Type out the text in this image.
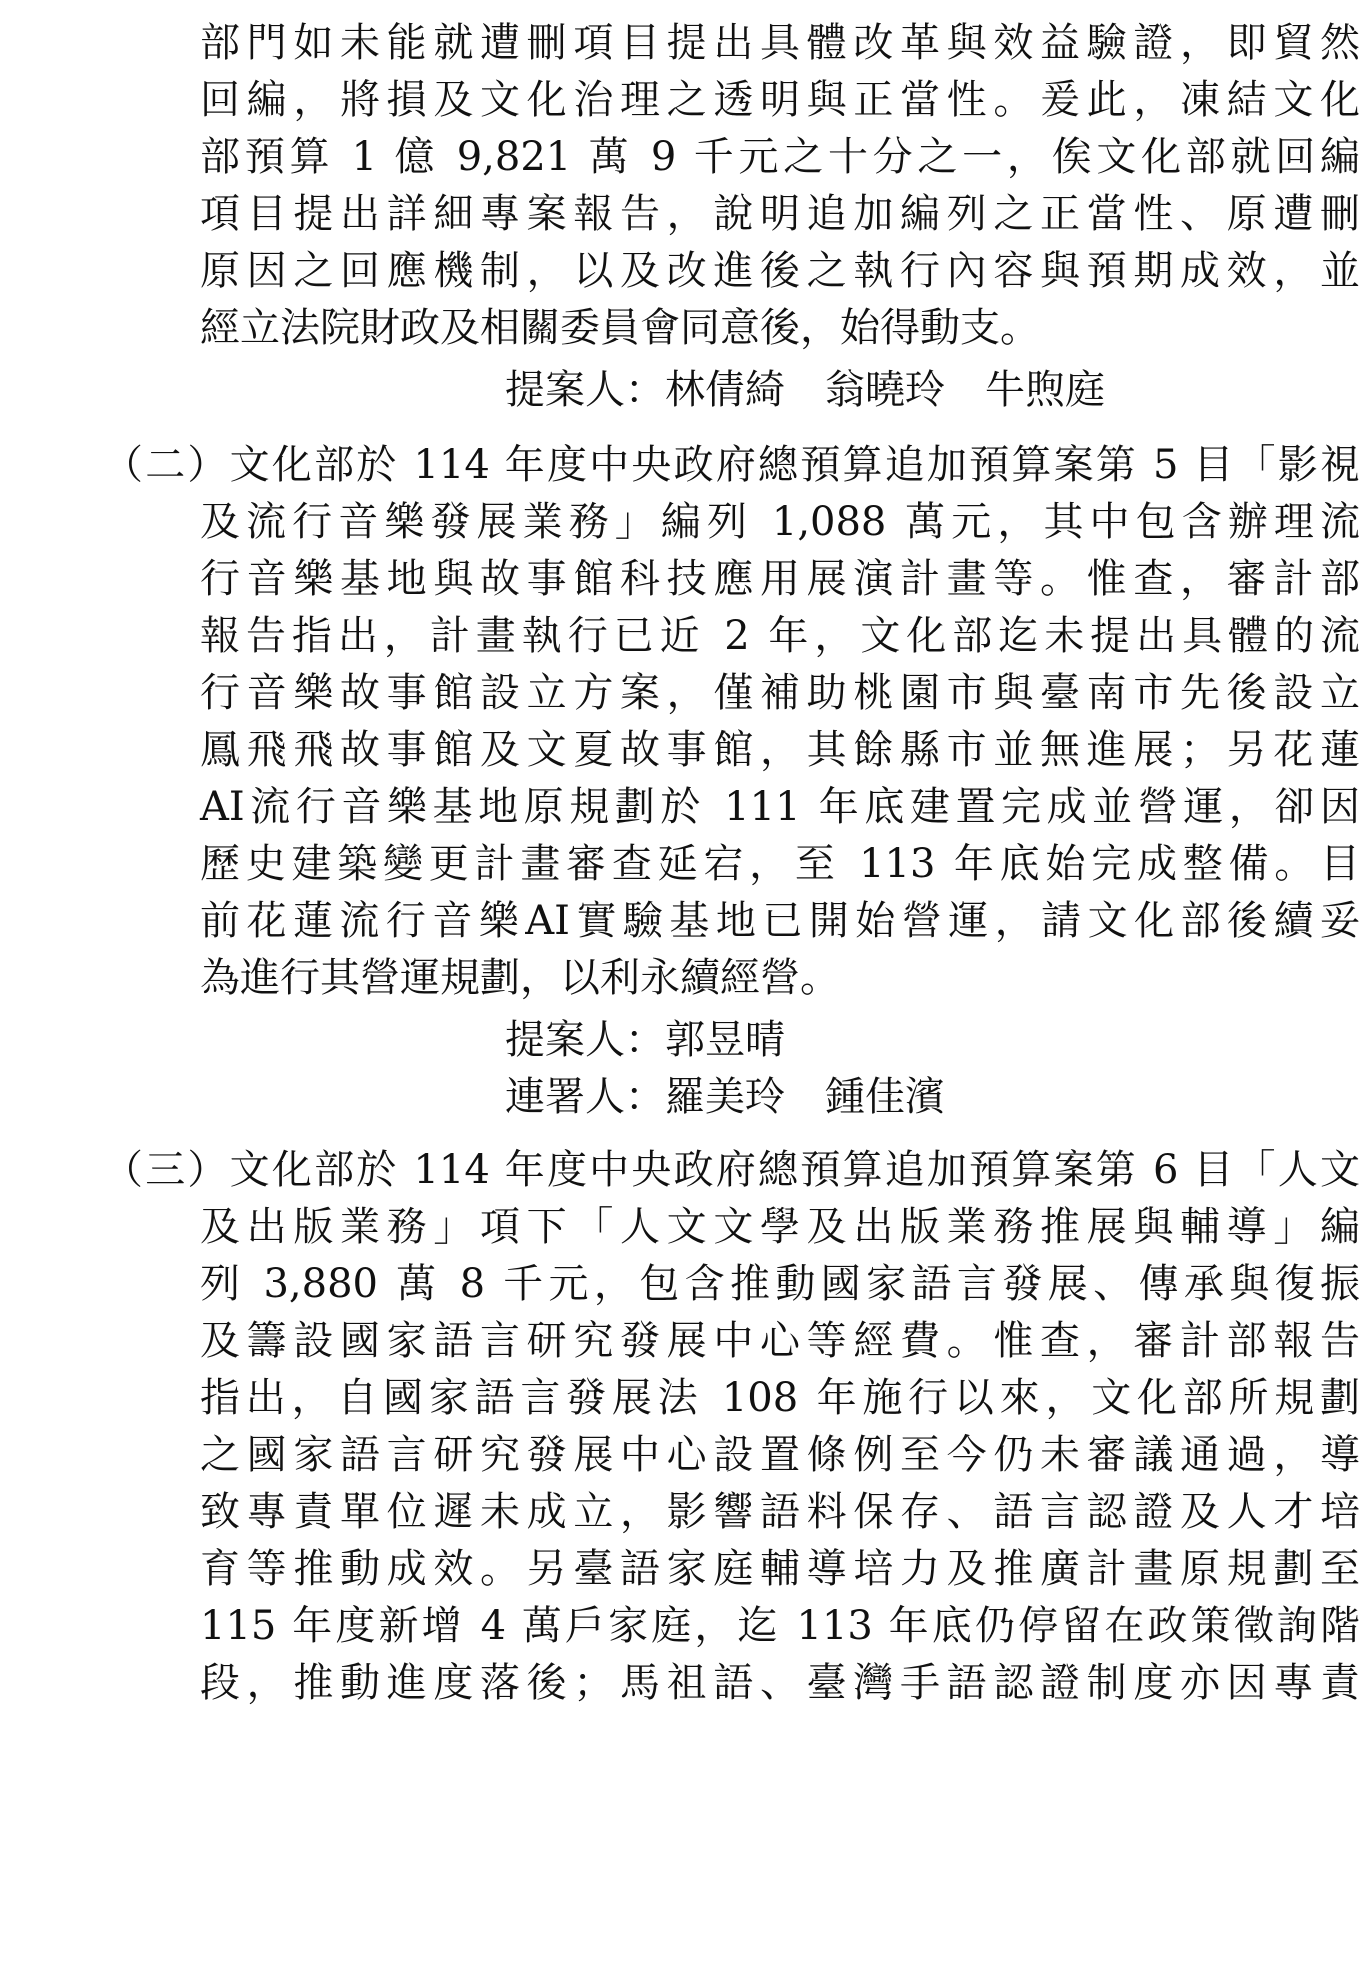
部門如未能就遭刪項目提出具體改革與效益驗證，即貿然
回編，將損及文化治理之透明與正當性。爰此，凍結文化
部預算 1 億 9,821 萬 9 千元之十分之一，俟文化部就回編
項目提出詳細專案報告，說明追加編列之正當性、原遭刪
原因之回應機制，以及改進後之執行內容與預期成效，並
經立法院財政及相關委員會同意後，始得動支。
提案人：林倩綺　翁曉玲　牛煦庭
（二）文化部於 114 年度中央政府總預算追加預算案第 5 目「影視
及流行音樂發展業務」編列 1,088 萬元，其中包含辦理流
行音樂基地與故事館科技應用展演計畫等。惟查，審計部
報告指出，計畫執行已近 2 年，文化部迄未提出具體的流
行音樂故事館設立方案，僅補助桃園市與臺南市先後設立
鳳飛飛故事館及文夏故事館，其餘縣市並無進展；另花蓮
AI流行音樂基地原規劃於 111 年底建置完成並營運，卻因
歷史建築變更計畫審查延宕，至 113 年底始完成整備。目
前花蓮流行音樂AI實驗基地已開始營運，請文化部後續妥
為進行其營運規劃，以利永續經營。
提案人：郭昱晴
連署人：羅美玲　鍾佳濱
（三）文化部於 114 年度中央政府總預算追加預算案第 6 目「人文
及出版業務」項下「人文文學及出版業務推展與輔導」編
列 3,880 萬 8 千元，包含推動國家語言發展、傳承與復振
及籌設國家語言研究發展中心等經費。惟查，審計部報告
指出，自國家語言發展法 108 年施行以來，文化部所規劃
之國家語言研究發展中心設置條例至今仍未審議通過，導
致專責單位遲未成立，影響語料保存、語言認證及人才培
育等推動成效。另臺語家庭輔導培力及推廣計畫原規劃至
115 年度新增 4 萬戶家庭，迄 113 年底仍停留在政策徵詢階
段，推動進度落後；馬祖語、臺灣手語認證制度亦因專責
